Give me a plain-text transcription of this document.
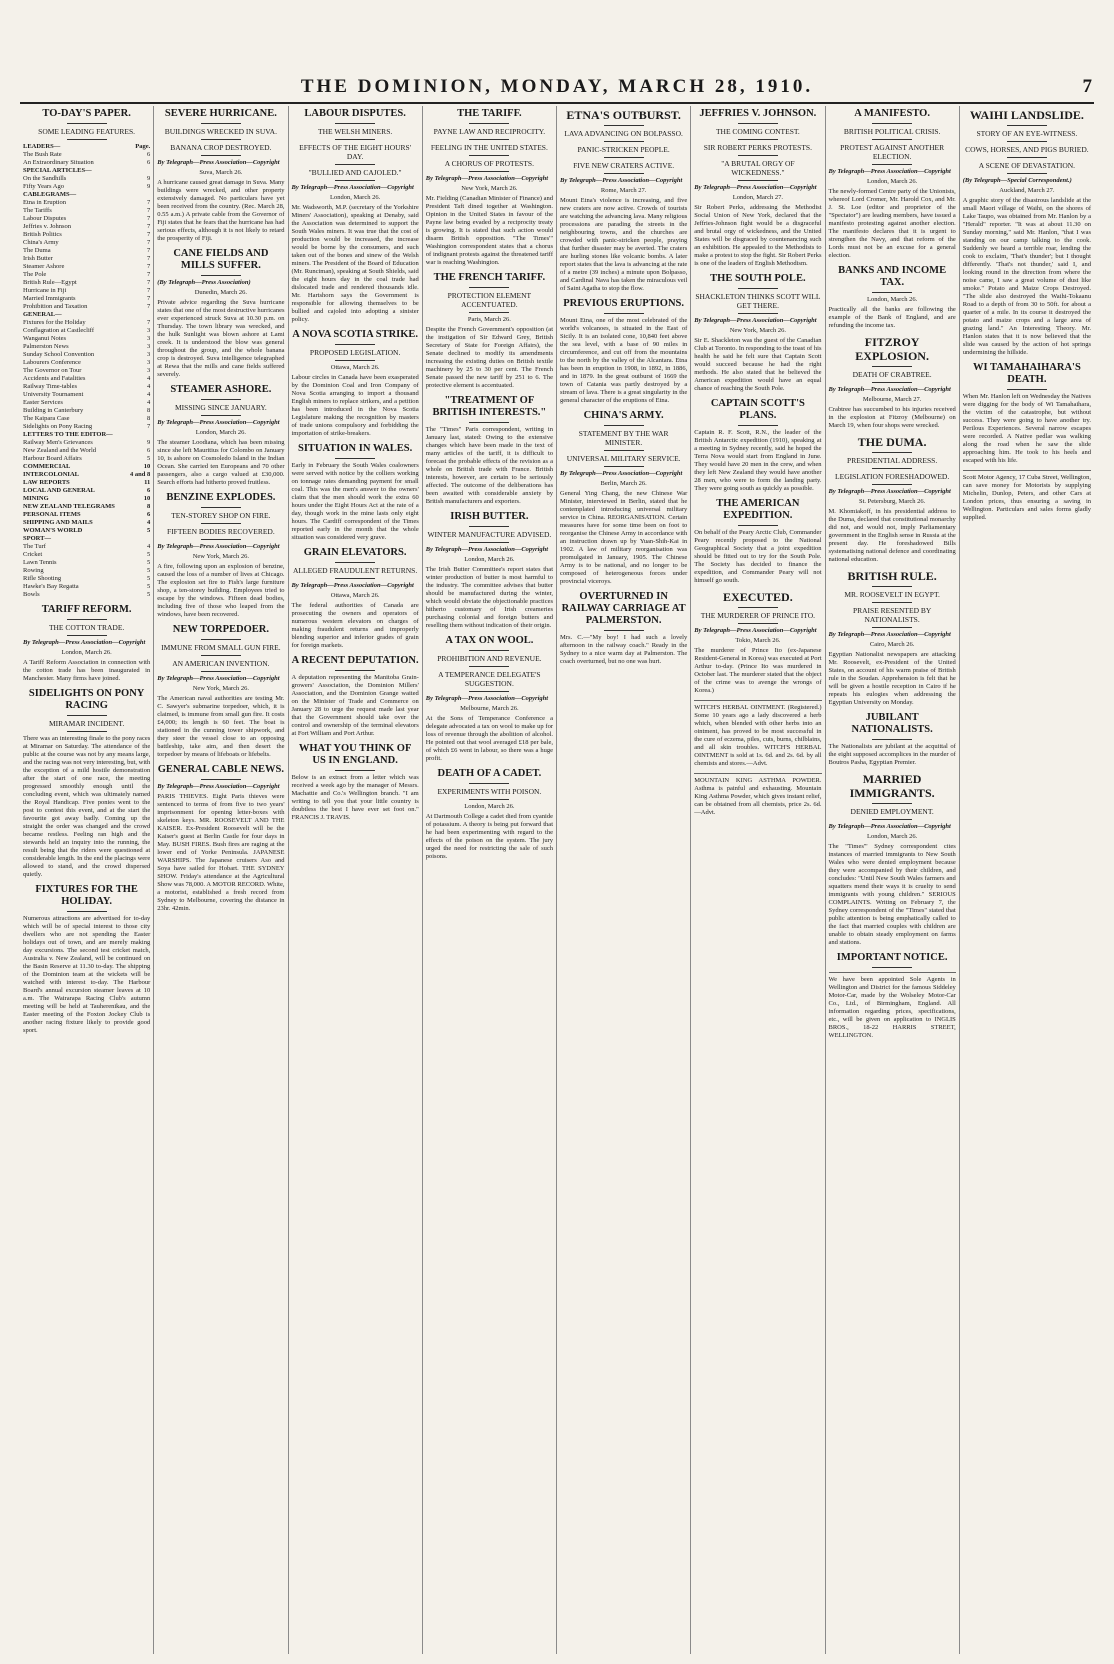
THE DOMINION, MONDAY, MARCH 28, 1910.	7
TO-DAY'S PAPER.
SOME LEADING FEATURES.
LEADERS—	Page.
The Bush Rate	6
An Extraordinary Situation	6
SPECIAL ARTICLES—
On the Sandhills	9
Fifty Years Ago	9
CABLEGRAMS—
Etna in Eruption	7
The Tariffs	7
Labour Disputes	7
Jeffries v. Johnson	7
British Politics	7
China's Army	7
The Duma	7
Irish Butter	7
Steamer Ashore	7
The Pole	7
British Rule—Egypt	7
Hurricane in Fiji	7
Married Immigrants	7
Prohibition and Taxation	7
GENERAL—
Fixtures for the Holiday	7
Conflagration at Castlecliff	3
Wanganui Notes	3
Palmerston News	3
Sunday School Convention	3
Labourers Conference	3
The Governor on Tour	3
Accidents and Fatalities	4
Railway Time-tables	4
University Tournament	4
Easter Services	4
Building in Canterbury	8
The Kaipara Case	8
Sidelights on Pony Racing	7
LETTERS TO THE EDITOR—
Railway Men's Grievances	9
New Zealand and the World	6
Harbour Board Affairs	5
COMMERCIAL	10
INTERCOLONIAL	4 and 8
LAW REPORTS	11
LOCAL AND GENERAL	6
MINING	10
NEW ZEALAND TELEGRAMS	8
PERSONAL ITEMS	6
SHIPPING AND MAILS	4
WOMAN'S WORLD	5
SPORT—
The Turf	4
Cricket	5
Lawn Tennis	5
Rowing	5
Rifle Shooting	5
Hawke's Bay Regatta	5
Bowls	5
TARIFF REFORM.
THE COTTON TRADE.
By Telegraph—Press Association—Copyright
London, March 26.
A Tariff Reform Association in connection with the cotton trade has been inaugurated in Manchester. Many firms have joined.
SIDELIGHTS ON PONY RACING
MIRAMAR INCIDENT.
There was an interesting finale to the pony races at Miramar on Saturday. The attendance of the public at the course was not by any means large, and the racing was not very interesting, but, with the exception of a mild hostile demonstration after the start of one race, the meeting progressed smoothly enough until the concluding event, which was ultimately named the Royal Handicap. Five ponies went to the post to contest this event, and at the start the favourite got away badly. Coming up the straight the order was changed and the crowd became restless. Feeling ran high and the stewards held an inquiry into the running, the result being that the riders were questioned at considerable length. In the end the placings were allowed to stand, and the crowd dispersed quietly.
FIXTURES FOR THE HOLIDAY.
Numerous attractions are advertised for to-day which will be of special interest to those city dwellers who are not spending the Easter holidays out of town, and are merely making day excursions. The second test cricket match, Australia v. New Zealand, will be continued on the Basin Reserve at 11.30 to-day. The shipping of the Dominion team at the wickets will be watched with interest to-day. The Harbour Board's annual excursion steamer leaves at 10 a.m. The Wairarapa Racing Club's autumn meeting will be held at Tauherenikau, and the Easter meeting of the Foxton Jockey Club is another racing fixture likely to provide good sport.
SEVERE HURRICANE.
BUILDINGS WRECKED IN SUVA.
BANANA CROP DESTROYED.
By Telegraph—Press Association—Copyright
Suva, March 26.
A hurricane caused great damage in Suva. Many buildings were wrecked, and other property extensively damaged. No particulars have yet been received from the country. (Rec. March 28, 0.55 a.m.) A private cable from the Governor of Fiji states that he fears that the hurricane has had serious effects, although it is not likely to retard the prosperity of Fiji.
CANE FIELDS AND MILLS SUFFER.
(By Telegraph—Press Association)
Dunedin, March 26.
Private advice regarding the Suva hurricane states that one of the most destructive hurricanes ever experienced struck Suva at 10.30 p.m. on Thursday. The town library was wrecked, and the hulk Sunlight was blown ashore at Lami creek. It is understood the blow was general throughout the group, and the whole banana crop is destroyed. Suva intelligence telegraphed at Rewa that the mills and cane fields suffered severely.
STEAMER ASHORE.
MISSING SINCE JANUARY.
By Telegraph—Press Association—Copyright
London, March 26.
The steamer Loodiana, which has been missing since she left Mauritius for Colombo on January 10, is ashore on Cosmoledo Island in the Indian Ocean. She carried ten Europeans and 70 other passengers, also a cargo valued at £30,000. Search efforts had hitherto proved fruitless.
BENZINE EXPLODES.
TEN-STOREY SHOP ON FIRE.
FIFTEEN BODIES RECOVERED.
By Telegraph—Press Association—Copyright
New York, March 26.
A fire, following upon an explosion of benzine, caused the loss of a number of lives at Chicago. The explosion set fire to Fish's large furniture shop, a ten-storey building. Employees tried to escape by the windows. Fifteen dead bodies, including five of those who leaped from the windows, have been recovered.
NEW TORPEDOER.
IMMUNE FROM SMALL GUN FIRE.
AN AMERICAN INVENTION.
By Telegraph—Press Association—Copyright
New York, March 26.
The American naval authorities are testing Mr. C. Sawyer's submarine torpedoer, which, it is claimed, is immune from small gun fire. It costs £4,000; its length is 60 feet. The boat is stationed in the cunning tower shipwork, and they steer the vessel close to an opposing battleship, take aim, and then desert the torpedoer by means of lifeboats or lifebelts.
GENERAL CABLE NEWS.
By Telegraph—Press Association—Copyright
PARIS THIEVES. Eight Paris thieves were sentenced to terms of from five to two years' imprisonment for opening letter-boxes with skeleton keys. MR. ROOSEVELT AND THE KAISER. Ex-President Roosevelt will be the Kaiser's guest at Berlin Castle for four days in May. BUSH FIRES. Bush fires are raging at the lower end of Yorke Peninsula. JAPANESE WARSHIPS. The Japanese cruisers Aso and Soya have sailed for Hobart. THE SYDNEY SHOW. Friday's attendance at the Agricultural Show was 78,000. A MOTOR RECORD. White, a motorist, established a fresh record from Sydney to Melbourne, covering the distance in 23hr. 42min.
LABOUR DISPUTES.
THE WELSH MINERS.
EFFECTS OF THE EIGHT HOURS' DAY.
"BULLIED AND CAJOLED."
By Telegraph—Press Association—Copyright
London, March 26.
Mr. Wadsworth, M.P. (secretary of the Yorkshire Miners' Association), speaking at Denaby, said the Association was determined to support the South Wales miners. It was true that the cost of production would be increased, the increase would be borne by the consumers, and such taken out of the bones and sinew of the Welsh miners. The President of the Board of Education (Mr. Runciman), speaking at South Shields, said the eight hours day in the coal trade had dislocated trade and rendered thousands idle. Mr. Hartshorn says the Government is responsible for allowing themselves to be bullied and cajoled into adopting a sinister policy.
A NOVA SCOTIA STRIKE.
PROPOSED LEGISLATION.
Ottawa, March 26.
Labour circles in Canada have been exasperated by the Dominion Coal and Iron Company of Nova Scotia arranging to import a thousand English miners to replace strikers, and a petition has been introduced in the Nova Scotia Legislature making the recognition by masters of trade unions compulsory and forbidding the importation of strike-breakers.
SITUATION IN WALES.
Early in February the South Wales coalowners were served with notice by the colliers working on tonnage rates demanding payment for small coal. This was the men's answer to the owners' claim that the men should work the extra 60 hours under the Eight Hours Act at the rate of a day, though work in the mine lasts only eight hours. The Cardiff correspondent of the Times reported early in the month that the whole situation was considered very grave.
GRAIN ELEVATORS.
ALLEGED FRAUDULENT RETURNS.
By Telegraph—Press Association—Copyright
Ottawa, March 26.
The federal authorities of Canada are prosecuting the owners and operators of numerous western elevators on charges of making fraudulent returns and improperly blending superior and inferior grades of grain for foreign markets.
A RECENT DEPUTATION.
A deputation representing the Manitoba Grain-growers' Association, the Dominion Millers' Association, and the Dominion Grange waited on the Minister of Trade and Commerce on January 28 to urge the request made last year that the Government should take over the control and ownership of the terminal elevators at Fort William and Port Arthur.
WHAT YOU THINK OF US IN ENGLAND.
Below is an extract from a letter which was received a week ago by the manager of Messrs. Machattie and Co.'s Wellington branch. "I am writing to tell you that your little country is doubtless the best I have ever set foot on." FRANCIS J. TRAVIS.
THE TARIFF.
PAYNE LAW AND RECIPROCITY.
FEELING IN THE UNITED STATES.
A CHORUS OF PROTESTS.
By Telegraph—Press Association—Copyright
New York, March 26.
Mr. Fielding (Canadian Minister of Finance) and President Taft dined together at Washington. Opinion in the United States in favour of the Payne law being evaded by a reciprocity treaty is growing. It is stated that such action would disarm British opposition. "The Times'" Washington correspondent states that a chorus of indignant protests against the threatened tariff war is reaching Washington.
THE FRENCH TARIFF.
PROTECTION ELEMENT ACCENTUATED.
Paris, March 26.
Despite the French Government's opposition (at the instigation of Sir Edward Grey, British Secretary of State for Foreign Affairs), the Senate declined to modify its amendments increasing the existing duties on British textile machinery by 25 to 30 per cent. The French Senate passed the new tariff by 251 to 6. The protective element is accentuated.
"TREATMENT OF BRITISH INTERESTS."
The "Times" Paris correspondent, writing in January last, stated: Owing to the extensive changes which have been made in the text of many articles of the tariff, it is difficult to forecast the probable effects of the revision as a whole on British trade with France. British interests, however, are certain to be seriously affected. The outcome of the deliberations has been awaited with considerable anxiety by British manufacturers and exporters.
IRISH BUTTER.
WINTER MANUFACTURE ADVISED.
By Telegraph—Press Association—Copyright
London, March 26.
The Irish Butter Committee's report states that winter production of butter is most harmful to the industry. The committee advises that butter should be manufactured during the winter, which would obviate the objectionable practices hitherto customary of Irish creameries purchasing colonial and foreign butters and reselling them without indication of their origin.
A TAX ON WOOL.
PROHIBITION AND REVENUE.
A TEMPERANCE DELEGATE'S SUGGESTION.
By Telegraph—Press Association—Copyright
Melbourne, March 26.
At the Sons of Temperance Conference a delegate advocated a tax on wool to make up for loss of revenue through the abolition of alcohol. He pointed out that wool averaged £18 per bale, of which £6 went in labour, so there was a huge profit.
DEATH OF A CADET.
EXPERIMENTS WITH POISON.
London, March 26.
At Dartmouth College a cadet died from cyanide of potassium. A theory is being put forward that he had been experimenting with regard to the effects of the poison on the system. The jury urged the need for restricting the sale of such poisons.
ETNA'S OUTBURST.
LAVA ADVANCING ON BOLPASSO.
PANIC-STRICKEN PEOPLE.
FIVE NEW CRATERS ACTIVE.
By Telegraph—Press Association—Copyright
Rome, March 27.
Mount Etna's violence is increasing, and five new craters are now active. Crowds of tourists are watching the advancing lava. Many religious processions are parading the streets in the neighbouring towns, and the churches are crowded with panic-stricken people, praying that further disaster may be averted. The craters are hurling stones like volcanic bombs. A later report states that the lava is advancing at the rate of a metre (39 inches) a minute upon Bolpasso, and Cardinal Nava has taken the miraculous veil of Saint Agatha to stop the flow.
PREVIOUS ERUPTIONS.
Mount Etna, one of the most celebrated of the world's volcanoes, is situated in the East of Sicily. It is an isolated cone, 10,840 feet above the sea level, with a base of 90 miles in circumference, and cut off from the mountains to the north by the valley of the Alcantara. Etna has been in eruption in 1908, in 1892, in 1886, and in 1879. In the great outburst of 1669 the town of Catania was partly destroyed by a stream of lava. There is a great singularity in the general character of the eruptions of Etna.
CHINA'S ARMY.
STATEMENT BY THE WAR MINISTER.
UNIVERSAL MILITARY SERVICE.
By Telegraph—Press Association—Copyright
Berlin, March 26.
General Ying Chang, the new Chinese War Minister, interviewed in Berlin, stated that he contemplated introducing universal military service in China. REORGANISATION. Certain measures have for some time been on foot to reorganise the Chinese Army in accordance with an instruction drawn up by Yuan-Shih-Kai in 1902. A law of military reorganisation was promulgated in January, 1905. The Chinese Army is to be national, and no longer to be composed of heterogeneous forces under provincial viceroys.
OVERTURNED IN RAILWAY CARRIAGE AT PALMERSTON.
Mrs. C.—"My boy! I had such a lovely afternoon in the railway coach." Ready in the Sydney to a nice warm day at Palmerston. The coach overturned, but no one was hurt.
JEFFRIES V. JOHNSON.
THE COMING CONTEST.
SIR ROBERT PERKS PROTESTS.
"A BRUTAL ORGY OF WICKEDNESS."
By Telegraph—Press Association—Copyright
London, March 27.
Sir Robert Perks, addressing the Methodist Social Union of New York, declared that the Jeffries-Johnson fight would be a disgraceful and brutal orgy of wickedness, and the United States will be disgraced by countenancing such an exhibition. He appealed to the Methodists to make a protest to stop the fight. Sir Robert Perks is one of the leaders of English Methodism.
THE SOUTH POLE.
SHACKLETON THINKS SCOTT WILL GET THERE.
By Telegraph—Press Association—Copyright
New York, March 26.
Sir E. Shackleton was the guest of the Canadian Club at Toronto. In responding to the toast of his health he said he felt sure that Captain Scott would succeed because he had the right methods. He also stated that he believed the American expedition would have an equal chance of reaching the South Pole.
CAPTAIN SCOTT'S PLANS.
Captain R. F. Scott, R.N., the leader of the British Antarctic expedition (1910), speaking at a meeting in Sydney recently, said he hoped the Terra Nova would start from England in June. They would have 20 men in the crew, and when they left New Zealand they would have another 28 men, who were to form the landing party. They were going south as quickly as possible.
THE AMERICAN EXPEDITION.
On behalf of the Peary Arctic Club, Commander Peary recently proposed to the National Geographical Society that a joint expedition should be fitted out to try for the South Pole. The Society has decided to finance the expedition, and Commander Peary will not himself go south.
EXECUTED.
THE MURDERER OF PRINCE ITO.
By Telegraph—Press Association—Copyright
Tokio, March 26.
The murderer of Prince Ito (ex-Japanese Resident-General in Korea) was executed at Port Arthur to-day. (Prince Ito was murdered in October last. The murderer stated that the object of the crime was to avenge the wrongs of Korea.)
WITCH'S HERBAL OINTMENT. (Registered.) Some 10 years ago a lady discovered a herb which, when blended with other herbs into an ointment, has proved to be most successful in the cure of eczema, piles, cuts, burns, chilblains, and all skin troubles. WITCH'S HERBAL OINTMENT is sold at 1s. 6d. and 2s. 6d. by all chemists and stores.—Advt.
MOUNTAIN KING ASTHMA POWDER. Asthma is painful and exhausting. Mountain King Asthma Powder, which gives instant relief, can be obtained from all chemists, price 2s. 6d.—Advt.
A MANIFESTO.
BRITISH POLITICAL CRISIS.
PROTEST AGAINST ANOTHER ELECTION.
By Telegraph—Press Association—Copyright
London, March 26.
The newly-formed Centre party of the Unionists, whereof Lord Cromer, Mr. Harold Cox, and Mr. J. St. Loe (editor and proprietor of the "Spectator") are leading members, have issued a manifesto protesting against another election. The manifesto declares that it is urgent to strengthen the Navy, and that reform of the Lords must not be an excuse for a general election.
BANKS AND INCOME TAX.
London, March 26.
Practically all the banks are following the example of the Bank of England, and are refunding the income tax.
FITZROY EXPLOSION.
DEATH OF CRABTREE.
By Telegraph—Press Association—Copyright
Melbourne, March 27.
Crabtree has succumbed to his injuries received in the explosion at Fitzroy (Melbourne) on March 19, when four shops were wrecked.
THE DUMA.
PRESIDENTIAL ADDRESS.
LEGISLATION FORESHADOWED.
By Telegraph—Press Association—Copyright
St. Petersburg, March 26.
M. Khomiakoff, in his presidential address to the Duma, declared that constitutional monarchy did not, and would not, imply Parliamentary government in the English sense in Russia at the present day. He foreshadowed Bills systematising national defence and coordinating national education.
BRITISH RULE.
MR. ROOSEVELT IN EGYPT.
PRAISE RESENTED BY NATIONALISTS.
By Telegraph—Press Association—Copyright
Cairo, March 26.
Egyptian Nationalist newspapers are attacking Mr. Roosevelt, ex-President of the United States, on account of his warm praise of British rule in the Soudan. Apprehension is felt that he will be given a hostile reception in Cairo if he repeats his eulogies when addressing the Egyptian University on Monday.
JUBILANT NATIONALISTS.
The Nationalists are jubilant at the acquittal of the eight supposed accomplices in the murder of Boutros Pasha, Egyptian Premier.
MARRIED IMMIGRANTS.
DENIED EMPLOYMENT.
By Telegraph—Press Association—Copyright
London, March 26.
The "Times'" Sydney correspondent cites instances of married immigrants to New South Wales who were denied employment because they were accompanied by their children, and concludes: "Until New South Wales farmers and squatters mend their ways it is cruelty to send immigrants with young children." SERIOUS COMPLAINTS. Writing on February 7, the Sydney correspondent of the "Times" stated that public attention is being emphatically called to the fact that married couples with children are unable to obtain steady employment on farms and stations.
IMPORTANT NOTICE.
We have been appointed Sole Agents in Wellington and District for the famous Siddeley Motor-Car, made by the Wolseley Motor-Car Co., Ltd., of Birmingham, England. All information regarding prices, specifications, etc., will be given on application to INGLIS BROS., 18-22 HARRIS STREET, WELLINGTON.
WAIHI LANDSLIDE.
STORY OF AN EYE-WITNESS.
COWS, HORSES, AND PIGS BURIED.
A SCENE OF DEVASTATION.
(By Telegraph—Special Correspondent.)
Auckland, March 27.
A graphic story of the disastrous landslide at the small Maori village of Waihi, on the shores of Lake Taupo, was obtained from Mr. Hanlon by a "Herald" reporter. "It was at about 11.30 on Sunday morning," said Mr. Hanlon, "that I was standing on our camp talking to the cook. Suddenly we heard a terrible roar, lending the cook to exclaim, 'That's thunder'; but I thought differently. 'That's not thunder,' said I, and looking round in the direction from where the noise came, I saw a great volume of dust like smoke." Potato and Maize Crops Destroyed. "The slide also destroyed the Waihi-Tokaanu Road to a depth of from 30 to 50ft. for about a quarter of a mile. In its course it destroyed the potato and maize crops and a large area of grazing land." An Interesting Theory. Mr. Hanlon states that it is now believed that the slide was caused by the action of hot springs undermining the hillside.
WI TAMAHAIHARA'S DEATH.
When Mr. Hanlon left on Wednesday the Natives were digging for the body of Wi Tamahaihara, the victim of the catastrophe, but without success. They were going to have another try. Perilous Experiences. Several narrow escapes were recorded. A Native pedlar was walking along the road when he saw the slide approaching him. He took to his heels and escaped with his life.
Scott Motor Agency, 17 Cuba Street, Wellington, can save money for Motorists by supplying Michelin, Dunlop, Peters, and other Cars at London prices, thus ensuring a saving in Wellington. Particulars and sales forms gladly supplied.
